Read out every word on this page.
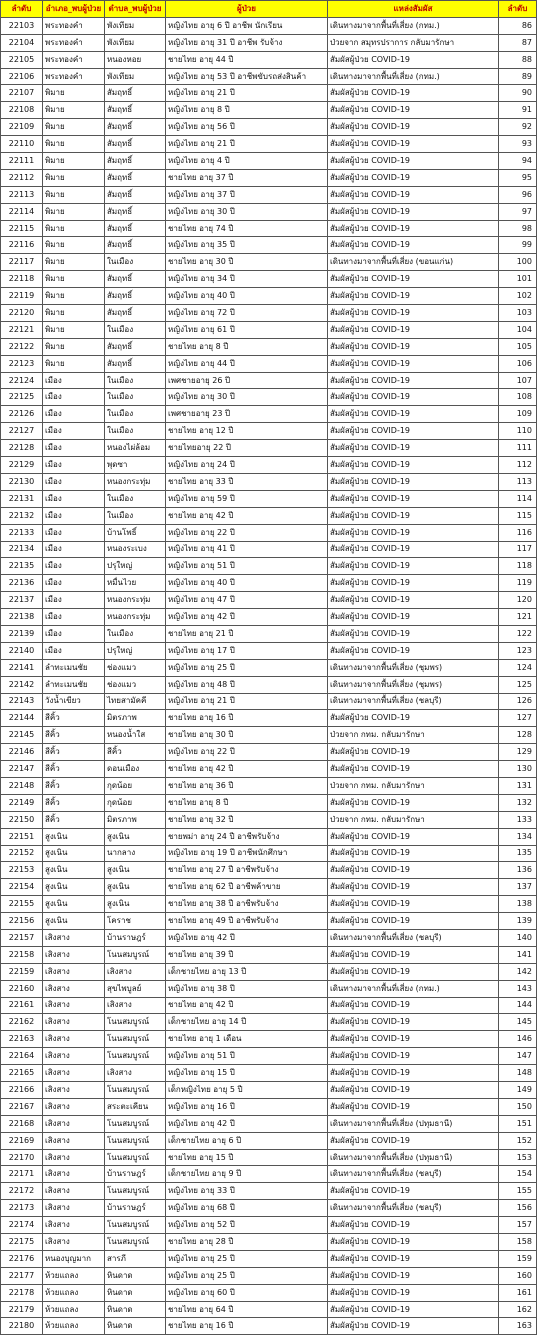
ลำดับ	อำเภอ_พบผู้ป่วย	ตำบล_พบผู้ป่วย	ผู้ป่วย	แหล่งสัมผัส	ลำดับ
22103	พระทองคำ	พังเทียม	หญิงไทย อายุ 6 ปี อาชีพ นักเรียน	เดินทางมาจากพื้นที่เสี่ยง (กทม.)	86
22104	พระทองคำ	พังเทียม	หญิงไทย อายุ 31 ปี อาชีพ รับจ้าง	ป่วยจาก สมุทรปราการ กลับมารักษา	87
22105	พระทองคำ	หนองหอย	ชายไทย อายุ 44 ปี	สัมผัสผู้ป่วย COVID-19	88
22106	พระทองคำ	พังเทียม	หญิงไทย อายุ 53 ปี อาชีพขับรถส่งสินค้า	เดินทางมาจากพื้นที่เสี่ยง (กทม.)	89
22107	พิมาย	สัมฤทธิ์	หญิงไทย อายุ 21 ปี	สัมผัสผู้ป่วย COVID-19	90
22108	พิมาย	สัมฤทธิ์	หญิงไทย อายุ 8 ปี	สัมผัสผู้ป่วย COVID-19	91
22109	พิมาย	สัมฤทธิ์	หญิงไทย อายุ 56 ปี	สัมผัสผู้ป่วย COVID-19	92
22110	พิมาย	สัมฤทธิ์	หญิงไทย อายุ 21 ปี	สัมผัสผู้ป่วย COVID-19	93
22111	พิมาย	สัมฤทธิ์	หญิงไทย อายุ 4 ปี	สัมผัสผู้ป่วย COVID-19	94
22112	พิมาย	สัมฤทธิ์	ชายไทย อายุ 37 ปี	สัมผัสผู้ป่วย COVID-19	95
22113	พิมาย	สัมฤทธิ์	หญิงไทย อายุ 37 ปี	สัมผัสผู้ป่วย COVID-19	96
22114	พิมาย	สัมฤทธิ์	หญิงไทย อายุ 30 ปี	สัมผัสผู้ป่วย COVID-19	97
22115	พิมาย	สัมฤทธิ์	ชายไทย อายุ 74 ปี	สัมผัสผู้ป่วย COVID-19	98
22116	พิมาย	สัมฤทธิ์	หญิงไทย อายุ 35 ปี	สัมผัสผู้ป่วย COVID-19	99
22117	พิมาย	ในเมือง	ชายไทย อายุ 30 ปี	เดินทางมาจากพื้นที่เสี่ยง (ขอนแก่น)	100
22118	พิมาย	สัมฤทธิ์	หญิงไทย อายุ 34 ปี	สัมผัสผู้ป่วย COVID-19	101
22119	พิมาย	สัมฤทธิ์	หญิงไทย อายุ 40 ปี	สัมผัสผู้ป่วย COVID-19	102
22120	พิมาย	สัมฤทธิ์	หญิงไทย อายุ 72 ปี	สัมผัสผู้ป่วย COVID-19	103
22121	พิมาย	ในเมือง	หญิงไทย อายุ 61 ปี	สัมผัสผู้ป่วย COVID-19	104
22122	พิมาย	สัมฤทธิ์	ชายไทย อายุ 8 ปี	สัมผัสผู้ป่วย COVID-19	105
22123	พิมาย	สัมฤทธิ์	หญิงไทย อายุ 44 ปี	สัมผัสผู้ป่วย COVID-19	106
22124	เมือง	ในเมือง	เพศชายอายุ 26 ปี	สัมผัสผู้ป่วย COVID-19	107
22125	เมือง	ในเมือง	หญิงไทย อายุ 30 ปี	สัมผัสผู้ป่วย COVID-19	108
22126	เมือง	ในเมือง	เพศชายอายุ 23 ปี	สัมผัสผู้ป่วย COVID-19	109
22127	เมือง	ในเมือง	ชายไทย อายุ 12 ปี	สัมผัสผู้ป่วย COVID-19	110
22128	เมือง	หนองไผ่ล้อม	ชายไทยอายุ 22 ปี	สัมผัสผู้ป่วย COVID-19	111
22129	เมือง	พุดซา	หญิงไทย อายุ 24 ปี	สัมผัสผู้ป่วย COVID-19	112
22130	เมือง	หนองกระทุ่ม	ชายไทย อายุ 33 ปี	สัมผัสผู้ป่วย COVID-19	113
22131	เมือง	ในเมือง	หญิงไทย อายุ 59 ปี	สัมผัสผู้ป่วย COVID-19	114
22132	เมือง	ในเมือง	ชายไทย อายุ 42 ปี	สัมผัสผู้ป่วย COVID-19	115
22133	เมือง	บ้านโพธิ์	หญิงไทย อายุ 22 ปี	สัมผัสผู้ป่วย COVID-19	116
22134	เมือง	หนองระเบง	หญิงไทย อายุ 41 ปี	สัมผัสผู้ป่วย COVID-19	117
22135	เมือง	ปรุใหญ่	หญิงไทย อายุ 51 ปี	สัมผัสผู้ป่วย COVID-19	118
22136	เมือง	หมื่นไวย	หญิงไทย อายุ 40 ปี	สัมผัสผู้ป่วย COVID-19	119
22137	เมือง	หนองกระทุ่ม	หญิงไทย อายุ 47 ปี	สัมผัสผู้ป่วย COVID-19	120
22138	เมือง	หนองกระทุ่ม	หญิงไทย อายุ 42 ปี	สัมผัสผู้ป่วย COVID-19	121
22139	เมือง	ในเมือง	ชายไทย อายุ 21 ปี	สัมผัสผู้ป่วย COVID-19	122
22140	เมือง	ปรุใหญ่	หญิงไทย อายุ 17 ปี	สัมผัสผู้ป่วย COVID-19	123
22141	ลำทะเมนชัย	ช่องแมว	หญิงไทย อายุ 25 ปี	เดินทางมาจากพื้นที่เสี่ยง (ชุมพร)	124
22142	ลำทะเมนชัย	ช่องแมว	หญิงไทย อายุ 48 ปี	เดินทางมาจากพื้นที่เสี่ยง (ชุมพร)	125
22143	วังน้ำเขียว	ไทยสามัคคี	หญิงไทย อายุ 21 ปี	เดินทางมาจากพื้นที่เสี่ยง (ชลบุรี)	126
22144	สีคิ้ว	มิตรภาพ	ชายไทย อายุ 16 ปี	สัมผัสผู้ป่วย COVID-19	127
22145	สีคิ้ว	หนองน้ำใส	ชายไทย อายุ 30 ปี	ป่วยจาก กทม. กลับมารักษา	128
22146	สีคิ้ว	สีคิ้ว	หญิงไทย อายุ 22 ปี	สัมผัสผู้ป่วย COVID-19	129
22147	สีคิ้ว	ดอนเมือง	ชายไทย อายุ 42 ปี	สัมผัสผู้ป่วย COVID-19	130
22148	สีคิ้ว	กุดน้อย	ชายไทย อายุ 36 ปี	ป่วยจาก กทม. กลับมารักษา	131
22149	สีคิ้ว	กุดน้อย	ชายไทย อายุ 8 ปี	สัมผัสผู้ป่วย COVID-19	132
22150	สีคิ้ว	มิตรภาพ	ชายไทย อายุ 32 ปี	ป่วยจาก กทม. กลับมารักษา	133
22151	สูงเนิน	สูงเนิน	ชายพม่า อายุ 24 ปี อาชีพรับจ้าง	สัมผัสผู้ป่วย COVID-19	134
22152	สูงเนิน	นากลาง	หญิงไทย อายุ 19 ปี อาชีพนักศึกษา	สัมผัสผู้ป่วย COVID-19	135
22153	สูงเนิน	สูงเนิน	ชายไทย อายุ 27 ปี อาชีพรับจ้าง	สัมผัสผู้ป่วย COVID-19	136
22154	สูงเนิน	สูงเนิน	ชายไทย อายุ 62 ปี อาชีพค้าขาย	สัมผัสผู้ป่วย COVID-19	137
22155	สูงเนิน	สูงเนิน	ชายไทย อายุ 38 ปี อาชีพรับจ้าง	สัมผัสผู้ป่วย COVID-19	138
22156	สูงเนิน	โคราช	ชายไทย อายุ 49 ปี อาชีพรับจ้าง	สัมผัสผู้ป่วย COVID-19	139
22157	เสิงสาง	บ้านราษฎร์	หญิงไทย อายุ 42 ปี	เดินทางมาจากพื้นที่เสี่ยง (ชลบุรี)	140
22158	เสิงสาง	โนนสมบูรณ์	ชายไทย อายุ 39 ปี	สัมผัสผู้ป่วย COVID-19	141
22159	เสิงสาง	เสิงสาง	เด็กชายไทย อายุ 13 ปี	สัมผัสผู้ป่วย COVID-19	142
22160	เสิงสาง	สุขไพบูลย์	หญิงไทย อายุ 38 ปี	เดินทางมาจากพื้นที่เสี่ยง (กทม.)	143
22161	เสิงสาง	เสิงสาง	ชายไทย อายุ 42 ปี	สัมผัสผู้ป่วย COVID-19	144
22162	เสิงสาง	โนนสมบูรณ์	เด็กชายไทย อายุ 14 ปี	สัมผัสผู้ป่วย COVID-19	145
22163	เสิงสาง	โนนสมบูรณ์	ชายไทย อายุ 1 เดือน	สัมผัสผู้ป่วย COVID-19	146
22164	เสิงสาง	โนนสมบูรณ์	หญิงไทย อายุ 51 ปี	สัมผัสผู้ป่วย COVID-19	147
22165	เสิงสาง	เสิงสาง	หญิงไทย อายุ 15 ปี	สัมผัสผู้ป่วย COVID-19	148
22166	เสิงสาง	โนนสมบูรณ์	เด็กหญิงไทย อายุ 5 ปี	สัมผัสผู้ป่วย COVID-19	149
22167	เสิงสาง	สระตะเคียน	หญิงไทย อายุ 16 ปี	สัมผัสผู้ป่วย COVID-19	150
22168	เสิงสาง	โนนสมบูรณ์	หญิงไทย อายุ 42 ปี	เดินทางมาจากพื้นที่เสี่ยง (ปทุมธานี)	151
22169	เสิงสาง	โนนสมบูรณ์	เด็กชายไทย อายุ 6 ปี	สัมผัสผู้ป่วย COVID-19	152
22170	เสิงสาง	โนนสมบูรณ์	ชายไทย อายุ 15 ปี	เดินทางมาจากพื้นที่เสี่ยง (ปทุมธานี)	153
22171	เสิงสาง	บ้านราษฎร์	เด็กชายไทย อายุ 9 ปี	เดินทางมาจากพื้นที่เสี่ยง (ชลบุรี)	154
22172	เสิงสาง	โนนสมบูรณ์	หญิงไทย อายุ 33 ปี	สัมผัสผู้ป่วย COVID-19	155
22173	เสิงสาง	บ้านราษฎร์	หญิงไทย อายุ 68 ปี	เดินทางมาจากพื้นที่เสี่ยง (ชลบุรี)	156
22174	เสิงสาง	โนนสมบูรณ์	หญิงไทย อายุ 52 ปี	สัมผัสผู้ป่วย COVID-19	157
22175	เสิงสาง	โนนสมบูรณ์	ชายไทย อายุ 28 ปี	สัมผัสผู้ป่วย COVID-19	158
22176	หนองบุญมาก	สารภี	หญิงไทย อายุ 25 ปี	สัมผัสผู้ป่วย COVID-19	159
22177	ห้วยแถลง	หินดาด	หญิงไทย อายุ 25 ปี	สัมผัสผู้ป่วย COVID-19	160
22178	ห้วยแถลง	หินดาด	หญิงไทย อายุ 60 ปี	สัมผัสผู้ป่วย COVID-19	161
22179	ห้วยแถลง	หินดาด	ชายไทย อายุ 64 ปี	สัมผัสผู้ป่วย COVID-19	162
22180	ห้วยแถลง	หินดาด	ชายไทย อายุ 16 ปี	สัมผัสผู้ป่วย COVID-19	163
